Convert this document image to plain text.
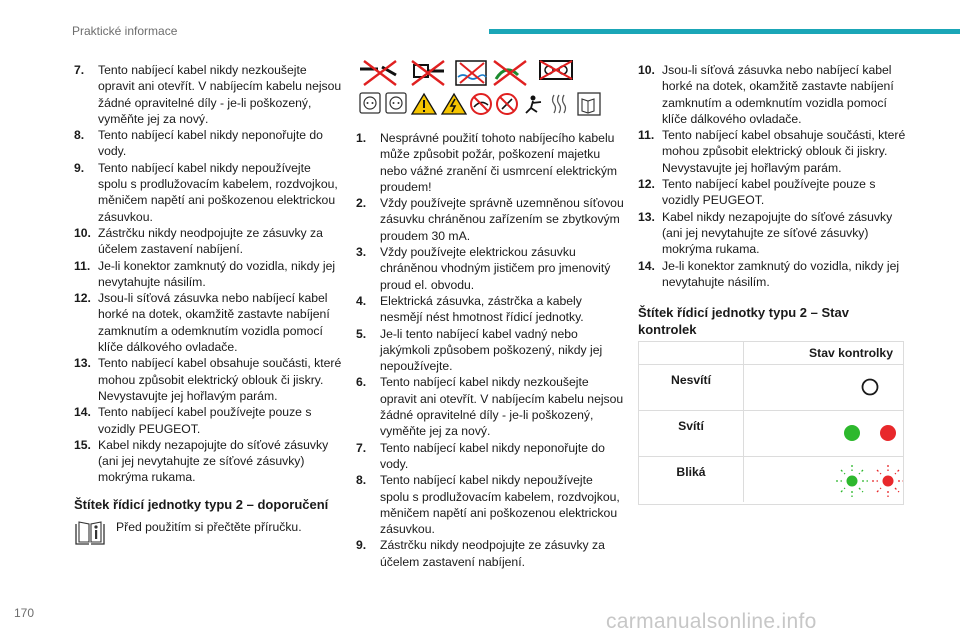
Praktické informace
7. Tento nabíjecí kabel nikdy nezkoušejte opravit ani otevřít. V nabíjecím kabelu nejsou žádné opravitelné díly - je-li poškozený, vyměňte jej za nový.
8. Tento nabíjecí kabel nikdy neponořujte do vody.
9. Tento nabíjecí kabel nikdy nepoužívejte spolu s prodlužovacím kabelem, rozdvojkou, měničem napětí ani poškozenou elektrickou zásuvkou.
10. Zástrčku nikdy neodpojujte ze zásuvky za účelem zastavení nabíjení.
11. Je-li konektor zamknutý do vozidla, nikdy jej nevytahujte násilím.
12. Jsou-li síťová zásuvka nebo nabíjecí kabel horké na dotek, okamžitě zastavte nabíjení zamknutím a odemknutím vozidla pomocí klíče dálkového ovladače.
13. Tento nabíjecí kabel obsahuje součásti, které mohou způsobit elektrický oblouk či jiskry. Nevystavujte jej hořlavým parám.
14. Tento nabíjecí kabel používejte pouze s vozidly PEUGEOT.
15. Kabel nikdy nezapojujte do síťové zásuvky (ani jej nevytahujte ze síťové zásuvky) mokrýma rukama.
Štítek řídicí jednotky typu 2 – doporučení
Před použitím si přečtěte příručku.
1. Nesprávné použití tohoto nabíjecího kabelu může způsobit požár, poškození majetku nebo vážné zranění či usmrcení elektrickým proudem!
2. Vždy používejte správně uzemněnou síťovou zásuvku chráněnou zařízením se zbytkovým proudem 30 mA.
3. Vždy používejte elektrickou zásuvku chráněnou vhodným jističem pro jmenovitý proud el. obvodu.
4. Elektrická zásuvka, zástrčka a kabely nesmějí nést hmotnost řídicí jednotky.
5. Je-li tento nabíjecí kabel vadný nebo jakýmkoli způsobem poškozený, nikdy jej nepoužívejte.
6. Tento nabíjecí kabel nikdy nezkoušejte opravit ani otevřít. V nabíjecím kabelu nejsou žádné opravitelné díly - je-li poškozený, vyměňte jej za nový.
7. Tento nabíjecí kabel nikdy neponořujte do vody.
8. Tento nabíjecí kabel nikdy nepoužívejte spolu s prodlužovacím kabelem, rozdvojkou, měničem napětí ani poškozenou elektrickou zásuvkou.
9. Zástrčku nikdy neodpojujte ze zásuvky za účelem zastavení nabíjení.
10. Jsou-li síťová zásuvka nebo nabíjecí kabel horké na dotek, okamžitě zastavte nabíjení zamknutím a odemknutím vozidla pomocí klíče dálkového ovladače.
11. Tento nabíjecí kabel obsahuje součásti, které mohou způsobit elektrický oblouk či jiskry. Nevystavujte jej hořlavým parám.
12. Tento nabíjecí kabel používejte pouze s vozidly PEUGEOT.
13. Kabel nikdy nezapojujte do síťové zásuvky (ani jej nevytahujte ze síťové zásuvky) mokrýma rukama.
14. Je-li konektor zamknutý do vozidla, nikdy jej nevytahujte násilím.
Štítek řídicí jednotky typu 2 – Stav kontrolek
Stav kontrolky
Nesvítí
Svítí
Bliká
170	carmanualsonline.info
